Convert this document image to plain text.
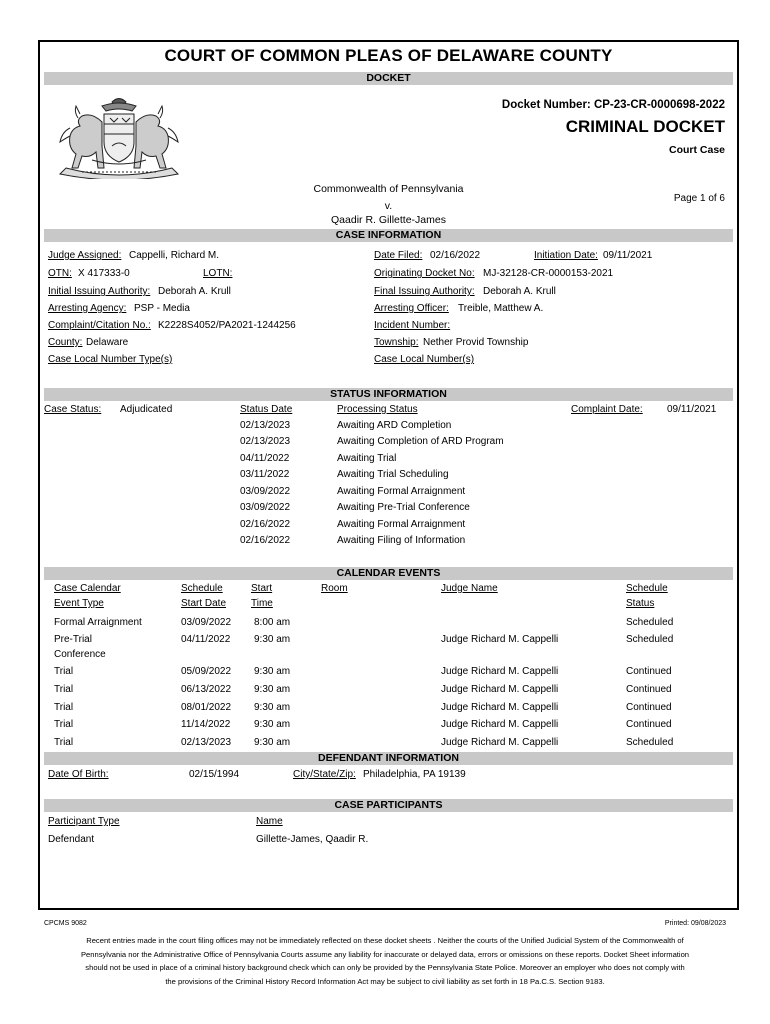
COURT OF COMMON PLEAS OF DELAWARE COUNTY
DOCKET
Docket Number: CP-23-CR-0000698-2022
CRIMINAL DOCKET
Court Case
Commonwealth of Pennsylvania
v.
Qaadir R. Gillette-James
Page 1 of 6
CASE INFORMATION
Judge Assigned: Cappelli, Richard M.	Date Filed: 02/16/2022	Initiation Date: 09/11/2021
OTN: X 417333-0	LOTN:	Originating Docket No: MJ-32128-CR-0000153-2021
Initial Issuing Authority: Deborah A. Krull	Final Issuing Authority: Deborah A. Krull
Arresting Agency: PSP - Media	Arresting Officer: Treible, Matthew A.
Complaint/Citation No.: K2228S4052/PA2021-1244256	Incident Number:
County: Delaware	Township: Nether Provid Township
Case Local Number Type(s)	Case Local Number(s)
STATUS INFORMATION
Case Status: Adjudicated	Status Date	Processing Status	Complaint Date: 09/11/2021
02/13/2023	Awaiting ARD Completion
02/13/2023	Awaiting Completion of ARD Program
04/11/2022	Awaiting Trial
03/11/2022	Awaiting Trial Scheduling
03/09/2022	Awaiting Formal Arraignment
03/09/2022	Awaiting Pre-Trial Conference
02/16/2022	Awaiting Formal Arraignment
02/16/2022	Awaiting Filing of Information
CALENDAR EVENTS
Case Calendar	Schedule	Start	Room	Judge Name	Schedule
Event Type	Start Date Time	Status
Formal Arraignment	03/09/2022 8:00 am	Scheduled
Pre-Trial
Conference
04/11/2022 9:30 am	Judge Richard M. Cappelli	Scheduled
Trial	05/09/2022 9:30 am	Judge Richard M. Cappelli	Continued
Trial	06/13/2022 9:30 am	Judge Richard M. Cappelli	Continued
Trial	08/01/2022 9:30 am	Judge Richard M. Cappelli	Continued
Trial	11/14/2022 9:30 am	Judge Richard M. Cappelli	Continued
Trial	02/13/2023 9:30 am	Judge Richard M. Cappelli	Scheduled
DEFENDANT INFORMATION
Date Of Birth:	02/15/1994	City/State/Zip: Philadelphia, PA 19139
CASE PARTICIPANTS
Participant Type	Name
Defendant	Gillette-James, Qaadir R.
CPCMS 9082	Printed: 09/08/2023
Recent entries made in the court filing offices may not be immediately reflected on these docket sheets . Neither the courts of the Unified Judicial System of the Commonwealth of Pennsylvania nor the Administrative Office of Pennsylvania Courts assume any liability for inaccurate or delayed data, errors or omissions on these reports. Docket Sheet information should not be used in place of a criminal history background check which can only be provided by the Pennsylvania State Police. Moreover an employer who does not comply with the provisions of the Criminal History Record Information Act may be subject to civil liability as set forth in 18 Pa.C.S. Section 9183.
